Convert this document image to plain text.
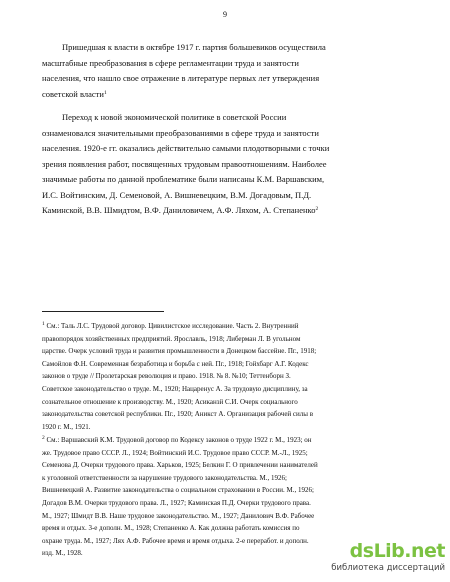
9

Пришедшая к власти в октябре 1917 г. партия большевиков осуществила
масштабные преобразования в сфере регламентации труда и занятости
населения, что нашло свое отражение в литературе первых лет утверждения
советской власти$^1$

Переход к новой экономической политике в советской России
ознаменовался значительными преобразованиями в сфере труда и занятости
населения. 1920-е гг. оказались действительно самыми плодотворными с точки
зрения появления работ, посвященных трудовым правоотношениям. Наиболее
значимые работы по данной проблематике были написаны К.М. Варшавским,
И.С. Войтинским, Д. Семеновой, А. Вишневецким, В.М. Догадовым, П.Д.
Каминской, В.В. Шмидтом, В.Ф. Даниловичем, А.Ф. Ляхом, А. Степаненко$^2$

$^1$ См.: Таль Л.С. Трудовой договор. Цивилистское исследование. Часть 2. Внутренний
правопорядок хозяйственных предприятий. Ярославль, 1918; Либерман Л. В угольном
царстве. Очерк условий труда и развития промышленности в Донецком бассейне. Пг., 1918;
Самойлов Ф.Н. Современная безработица и борьба с ней. Пг., 1918; Гойхбарг А.Г. Кодекс
законов о труде // Пролетарская революция и право. 1918. № 8. №10; Теттенборн З.
Советское законодательство о труде. М., 1920; Нацаренус А. За трудовую дисциплину, за
сознательное отношение к производству. М., 1920; Асиканзй С.И. Очерк социального
законодательства советской республики. Пг., 1920; Аникст А. Организация рабочей силы в
1920 г. М., 1921.

$^2$ См.: Варшавский К.М. Трудовой договор по Кодексу законов о труде 1922 г. М., 1923; он
же. Трудовое право СССР. Л., 1924; Войтинский И.С. Трудовое право СССР. М.-Л., 1925;
Семенова Д. Очерки трудового права. Харьков, 1925; Белкин Г. О привлечении нанимателей
к уголовной ответственности за нарушение трудового законодательства. М., 1926;
Вишневецкий А. Развитие законодательства о социальном страховании в России. М., 1926;
Догадов В.М. Очерки трудового права. Л., 1927; Каминская П.Д. Очерки трудового права.
М., 1927; Шмидт В.В. Наше трудовое законодательство. М., 1927; Данилович В.Ф. Рабочее
время и отдых. 3-е дополн. М., 1928; Степаненко А. Как должна работать комиссия по
охране труда. М., 1927; Лях А.Ф. Рабочее время и время отдыха. 2-е переработ. и дополн.
изд. М., 1928.	dsLib.net
библиотека диссертаций
